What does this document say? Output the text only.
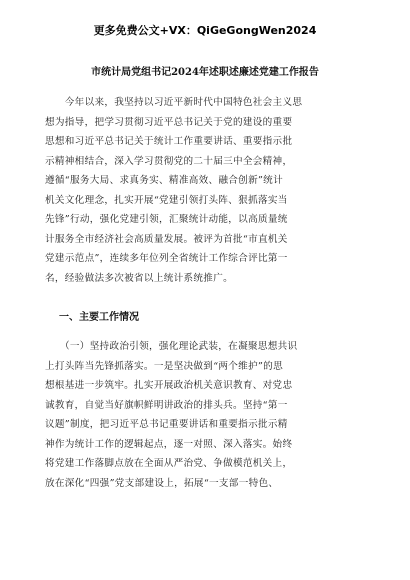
更多免费公文+VX：QiGeGongWen2024
市统计局党组书记2024年述职述廉述党建工作报告
　　今年以来，我坚持以习近平新时代中国特色社会主义思
想为指导，把学习贯彻习近平总书记关于党的建设的重要
思想和习近平总书记关于统计工作重要讲话、重要指示批
示精神相结合，深入学习贯彻党的二十届三中全会精神，
遵循“服务大局、求真务实、精准高效、融合创新”统计
机关文化理念，扎实开展“党建引领打头阵、狠抓落实当
先锋”行动，强化党建引领，汇聚统计动能，以高质量统
计服务全市经济社会高质量发展。被评为首批“市直机关
党建示范点”，连续多年位列全省统计工作综合评比第一
名，经验做法多次被省以上统计系统推广。
一、主要工作情况
　　（一）坚持政治引领，强化理论武装，在凝聚思想共识
上打头阵当先锋抓落实。一是坚决做到“两个维护”的思
想根基进一步筑牢。扎实开展政治机关意识教育、对党忠
诚教育，自觉当好旗帜鲜明讲政治的排头兵。坚持“第一
议题”制度，把习近平总书记重要讲话和重要指示批示精
神作为统计工作的逻辑起点，逐一对照、深入落实。始终
将党建工作落脚点放在全面从严治党、争做模范机关上，
放在深化“四强”党支部建设上，拓展“一支部一特色、
